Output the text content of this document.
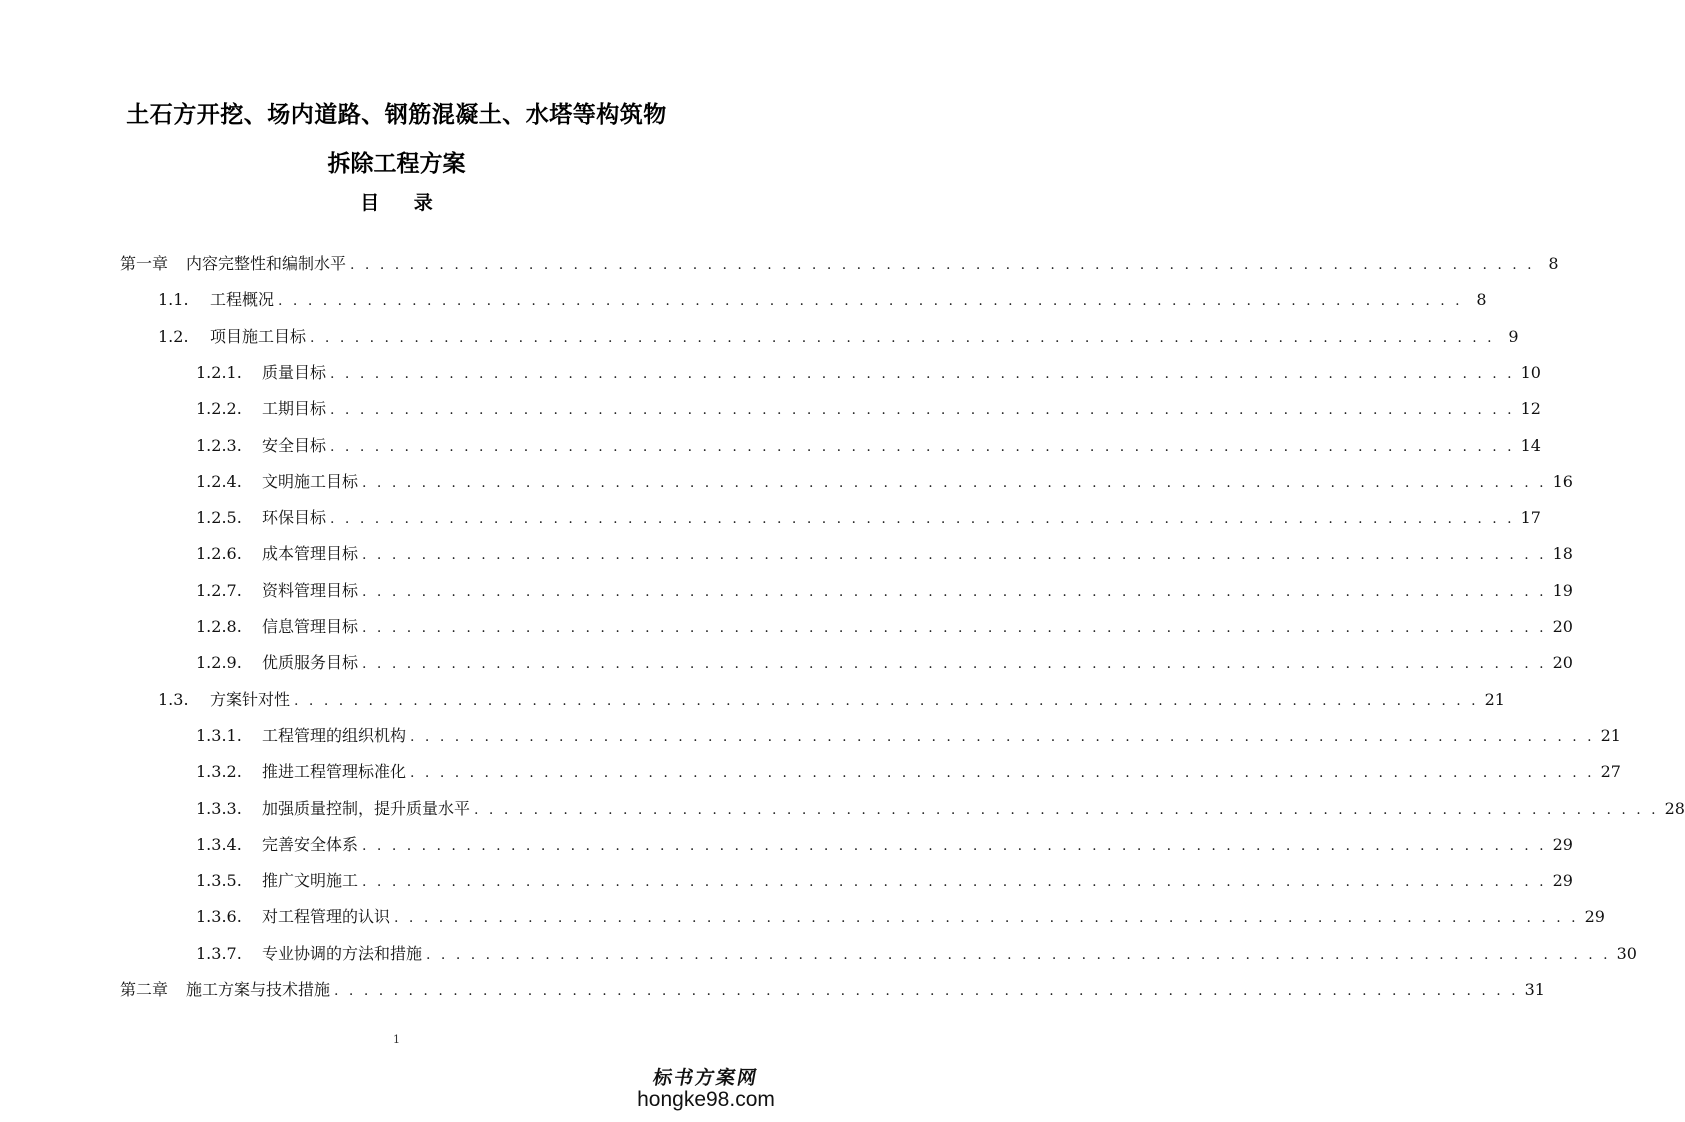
土石方开挖、场内道路、钢筋混凝土、水塔等构筑物
拆除工程方案
目 录
第一章	内容完整性和编制水平 . . . . . . . . . . . . . . . . . . . . . . . . . . . . . . . . . . . . . . . . . . . . . . . . . . . . . . . . . . . . . . . . . . . . . . . . . . . . . . . . 8
1.1.	工程概况 . . . . . . . . . . . . . . . . . . . . . . . . . . . . . . . . . . . . . . . . . . . . . . . . . . . . . . . . . . . . . . . . . . . . . . . . . . . . . . . . 8
1.2.	项目施工目标 . . . . . . . . . . . . . . . . . . . . . . . . . . . . . . . . . . . . . . . . . . . . . . . . . . . . . . . . . . . . . . . . . . . . . . . . . . . . . . . . 9
1.2.1.	质量目标 . . . . . . . . . . . . . . . . . . . . . . . . . . . . . . . . . . . . . . . . . . . . . . . . . . . . . . . . . . . . . . . . . . . . . . . . . . . . . . . . 10
1.2.2.	工期目标 . . . . . . . . . . . . . . . . . . . . . . . . . . . . . . . . . . . . . . . . . . . . . . . . . . . . . . . . . . . . . . . . . . . . . . . . . . . . . . . . 12
1.2.3.	安全目标 . . . . . . . . . . . . . . . . . . . . . . . . . . . . . . . . . . . . . . . . . . . . . . . . . . . . . . . . . . . . . . . . . . . . . . . . . . . . . . . . 14
1.2.4.	文明施工目标 . . . . . . . . . . . . . . . . . . . . . . . . . . . . . . . . . . . . . . . . . . . . . . . . . . . . . . . . . . . . . . . . . . . . . . . . . . . . . . . . 16
1.2.5.	环保目标 . . . . . . . . . . . . . . . . . . . . . . . . . . . . . . . . . . . . . . . . . . . . . . . . . . . . . . . . . . . . . . . . . . . . . . . . . . . . . . . . 17
1.2.6.	成本管理目标 . . . . . . . . . . . . . . . . . . . . . . . . . . . . . . . . . . . . . . . . . . . . . . . . . . . . . . . . . . . . . . . . . . . . . . . . . . . . . . . . 18
1.2.7.	资料管理目标 . . . . . . . . . . . . . . . . . . . . . . . . . . . . . . . . . . . . . . . . . . . . . . . . . . . . . . . . . . . . . . . . . . . . . . . . . . . . . . . . 19
1.2.8.	信息管理目标 . . . . . . . . . . . . . . . . . . . . . . . . . . . . . . . . . . . . . . . . . . . . . . . . . . . . . . . . . . . . . . . . . . . . . . . . . . . . . . . . 20
1.2.9.	优质服务目标 . . . . . . . . . . . . . . . . . . . . . . . . . . . . . . . . . . . . . . . . . . . . . . . . . . . . . . . . . . . . . . . . . . . . . . . . . . . . . . . . 20
1.3.	方案针对性 . . . . . . . . . . . . . . . . . . . . . . . . . . . . . . . . . . . . . . . . . . . . . . . . . . . . . . . . . . . . . . . . . . . . . . . . . . . . . . . . 21
1.3.1.	工程管理的组织机构 . . . . . . . . . . . . . . . . . . . . . . . . . . . . . . . . . . . . . . . . . . . . . . . . . . . . . . . . . . . . . . . . . . . . . . . . . . . . . . . . 21
1.3.2.	推进工程管理标准化 . . . . . . . . . . . . . . . . . . . . . . . . . . . . . . . . . . . . . . . . . . . . . . . . . . . . . . . . . . . . . . . . . . . . . . . . . . . . . . . . 27
1.3.3.	加强质量控制，提升质量水平 . . . . . . . . . . . . . . . . . . . . . . . . . . . . . . . . . . . . . . . . . . . . . . . . . . . . . . . . . . . . . . . . . . . . . . . . . . . . . . . . 28
1.3.4.	完善安全体系 . . . . . . . . . . . . . . . . . . . . . . . . . . . . . . . . . . . . . . . . . . . . . . . . . . . . . . . . . . . . . . . . . . . . . . . . . . . . . . . . 29
1.3.5.	推广文明施工 . . . . . . . . . . . . . . . . . . . . . . . . . . . . . . . . . . . . . . . . . . . . . . . . . . . . . . . . . . . . . . . . . . . . . . . . . . . . . . . . 29
1.3.6.	对工程管理的认识 . . . . . . . . . . . . . . . . . . . . . . . . . . . . . . . . . . . . . . . . . . . . . . . . . . . . . . . . . . . . . . . . . . . . . . . . . . . . . . . . 29
1.3.7.	专业协调的方法和措施 . . . . . . . . . . . . . . . . . . . . . . . . . . . . . . . . . . . . . . . . . . . . . . . . . . . . . . . . . . . . . . . . . . . . . . . . . . . . . . . . 30
第二章	施工方案与技术措施 . . . . . . . . . . . . . . . . . . . . . . . . . . . . . . . . . . . . . . . . . . . . . . . . . . . . . . . . . . . . . . . . . . . . . . . . . . . . . . . . 31
1
标书方案网
hongke98.com
